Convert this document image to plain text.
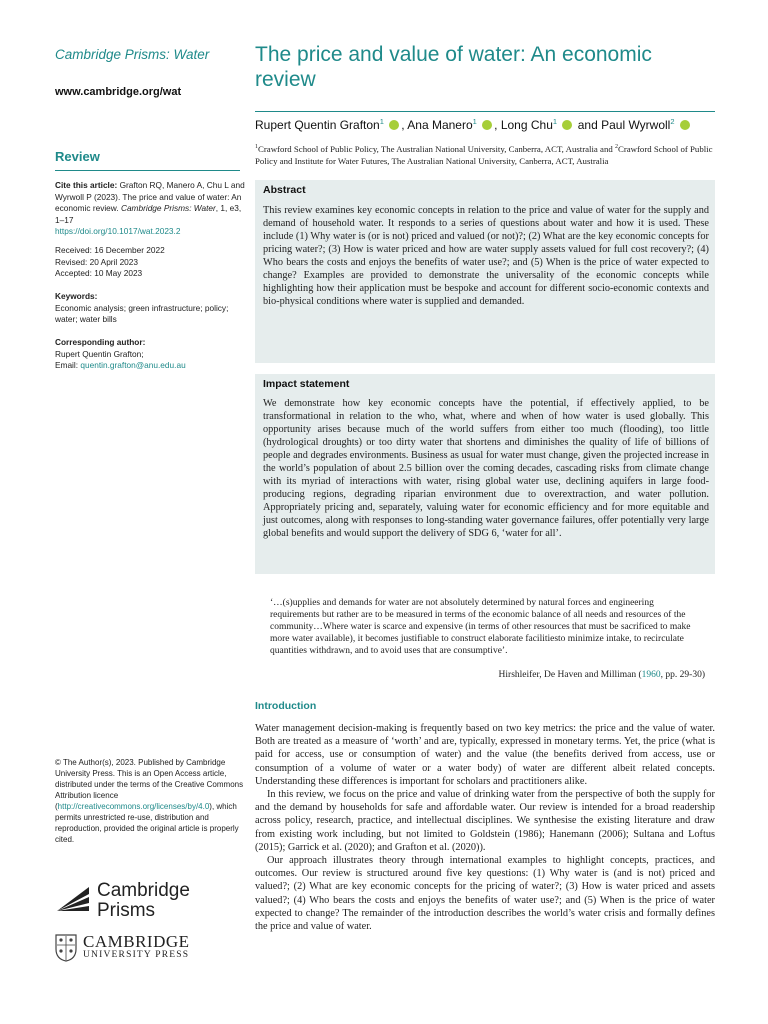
Cambridge Prisms: Water
www.cambridge.org/wat
Review
Cite this article: Grafton RQ, Manero A, Chu L and Wyrwoll P (2023). The price and value of water: An economic review. Cambridge Prisms: Water, 1, e3, 1–17
https://doi.org/10.1017/wat.2023.2
Received: 16 December 2022
Revised: 20 April 2023
Accepted: 10 May 2023
Keywords:
Economic analysis; green infrastructure; policy; water; water bills
Corresponding author:
Rupert Quentin Grafton;
Email: quentin.grafton@anu.edu.au
© The Author(s), 2023. Published by Cambridge University Press. This is an Open Access article, distributed under the terms of the Creative Commons Attribution licence (http://creativecommons.org/licenses/by/4.0), which permits unrestricted re-use, distribution and reproduction, provided the original article is properly cited.
Cambridge
Prisms
CAMBRIDGE
UNIVERSITY PRESS
The price and value of water: An economic review
Rupert Quentin Grafton$^1$ , Ana Manero$^1$ , Long Chu$^1$ and Paul Wyrwoll$^2$
$^1$Crawford School of Public Policy, The Australian National University, Canberra, ACT, Australia and $^2$Crawford School of Public Policy and Institute for Water Futures, The Australian National University, Canberra, ACT, Australia
Abstract

This review examines key economic concepts in relation to the price and value of water for the supply and demand of household water. It responds to a series of questions about water and how it is used. These include (1) Why water is (or is not) priced and valued (or not)?; (2) What are the key economic concepts for pricing water?; (3) How is water priced and how are water supply assets valued for full cost recovery?; (4) Who bears the costs and enjoys the benefits of water use?; and (5) When is the price of water expected to change? Examples are provided to demonstrate the universality of the economic concepts while highlighting how their application must be bespoke and account for different socio-economic contexts and bio-physical conditions where water is supplied and demanded.

Impact statement

We demonstrate how key economic concepts have the potential, if effectively applied, to be transformational in relation to the who, what, where and when of how water is used globally. This opportunity arises because much of the world suffers from either too much (flooding), too little (hydrological droughts) or too dirty water that shortens and diminishes the quality of life of billions of people and degrades environments. Business as usual for water must change, given the projected increase in the world’s population of about 2.5 billion over the coming decades, cascading risks from climate change with its myriad of interactions with water, rising global water use, declining aquifers in large food-producing regions, degrading riparian environment due to overextraction, and water pollution. Appropriately pricing and, separately, valuing water for economic efficiency and for more equitable and just outcomes, along with responses to long-standing water governance failures, offer potentially very large global benefits and would support the delivery of SDG 6, ‘water for all’.

‘…(s)upplies and demands for water are not absolutely determined by natural forces and engineering requirements but rather are to be measured in terms of the economic balance of all needs and resources of the community…Where water is scarce and expensive (in terms of other resources that must be sacrificed to make more water available), it becomes justifiable to construct elaborate facilitiesto minimize intake, to recirculate quantities withdrawn, and to avoid uses that are consumptive’.
Hirshleifer, De Haven and Milliman (1960, pp. 29-30)
Introduction

Water management decision-making is frequently based on two key metrics: the price and the value of water. Both are treated as a measure of ‘worth’ and are, typically, expressed in monetary terms. Yet, the price (what is paid for access, use or consumption of water) and the value (the benefits derived from access, use or consumption of a volume of water or a water body) of water are different albeit related concepts. Understanding these differences is important for scholars and practitioners alike.

In this review, we focus on the price and value of drinking water from the perspective of both the supply for and the demand by households for safe and affordable water. Our review is intended for a broad readership across policy, research, practice, and intellectual disciplines. We synthesise the existing literature and draw from existing work including, but not limited to Goldstein (1986); Hanemann (2006); Sultana and Loftus (2015); Garrick et al. (2020); and Grafton et al. (2020)).

Our approach illustrates theory through international examples to highlight concepts, practices, and outcomes. Our review is structured around five key questions: (1) Why water is (and is not) priced and valued?; (2) What are key economic concepts for the pricing of water?; (3) How is water priced and assets valued?; (4) Who bears the costs and enjoys the benefits of water use?; and (5) When is the price of water expected to change? The remainder of the introduction describes the world’s water crisis and formally defines the price and value of water.
